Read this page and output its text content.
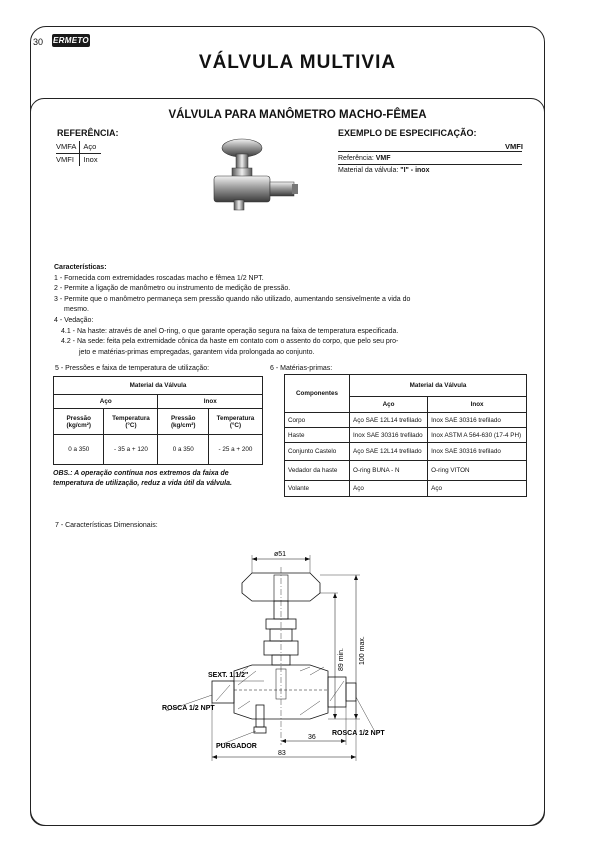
30 ERMETO
VÁLVULA MULTIVIA
VÁLVULA PARA MANÔMETRO MACHO-FÊMEA
REFERÊNCIA:
VMFA	Aço
VMFI	Inox
EXEMPLO DE ESPECIFICAÇÃO:
VMFI
Referência: VMF
Material da válvula: "I" - inox
Características:
1 - Fornecida com extremidades roscadas macho e fêmea 1/2 NPT.
2 - Permite a ligação de manômetro ou instrumento de medição de pressão.
3 - Permite que o manômetro permaneça sem pressão quando não utilizado, aumentando sensivelmente a vida do
mesmo.
4 - Vedação:
4.1 - Na haste: através de anel O-ring, o que garante operação segura na faixa de temperatura especificada.
4.2 - Na sede: feita pela extremidade cônica da haste em contato com o assento do corpo, que pelo seu pro-
jeto e matérias-primas empregadas, garantem vida prolongada ao conjunto.
5 - Pressões e faixa de temperatura de utilização:
Material da Válvula			
Aço		Inox	
Pressão (kg/cm²)	Temperatura (°C)	Pressão (kg/cm²)	Temperatura (°C)
0 a 350	- 35 a + 120	0 a 350	- 25 a + 200
OBS.: A operação contínua nos extremos da faixa de temperatura de utilização, reduz a vida útil da válvula.
6 - Matérias-primas:
Componentes	Material da Válvula	
	Aço	Inox
Corpo	Aço SAE 12L14 trefilado	Inox SAE 30316 trefilado
Haste	Inox SAE 30316 trefilado	Inox ASTM A 564-630 (17-4 PH)
Conjunto Castelo	Aço SAE 12L14 trefilado	Inox SAE 30316 trefilado
Vedador da haste	O-ring BUNA - N	O-ring VITON
Volante	Aço	Aço
7 - Características Dimensionais:
ø51
SEXT. 1.1/2"
ROSCA 1/2 NPT
ROSCA 1/2 NPT
PURGADOR
36
83
89 min. 100 max.
